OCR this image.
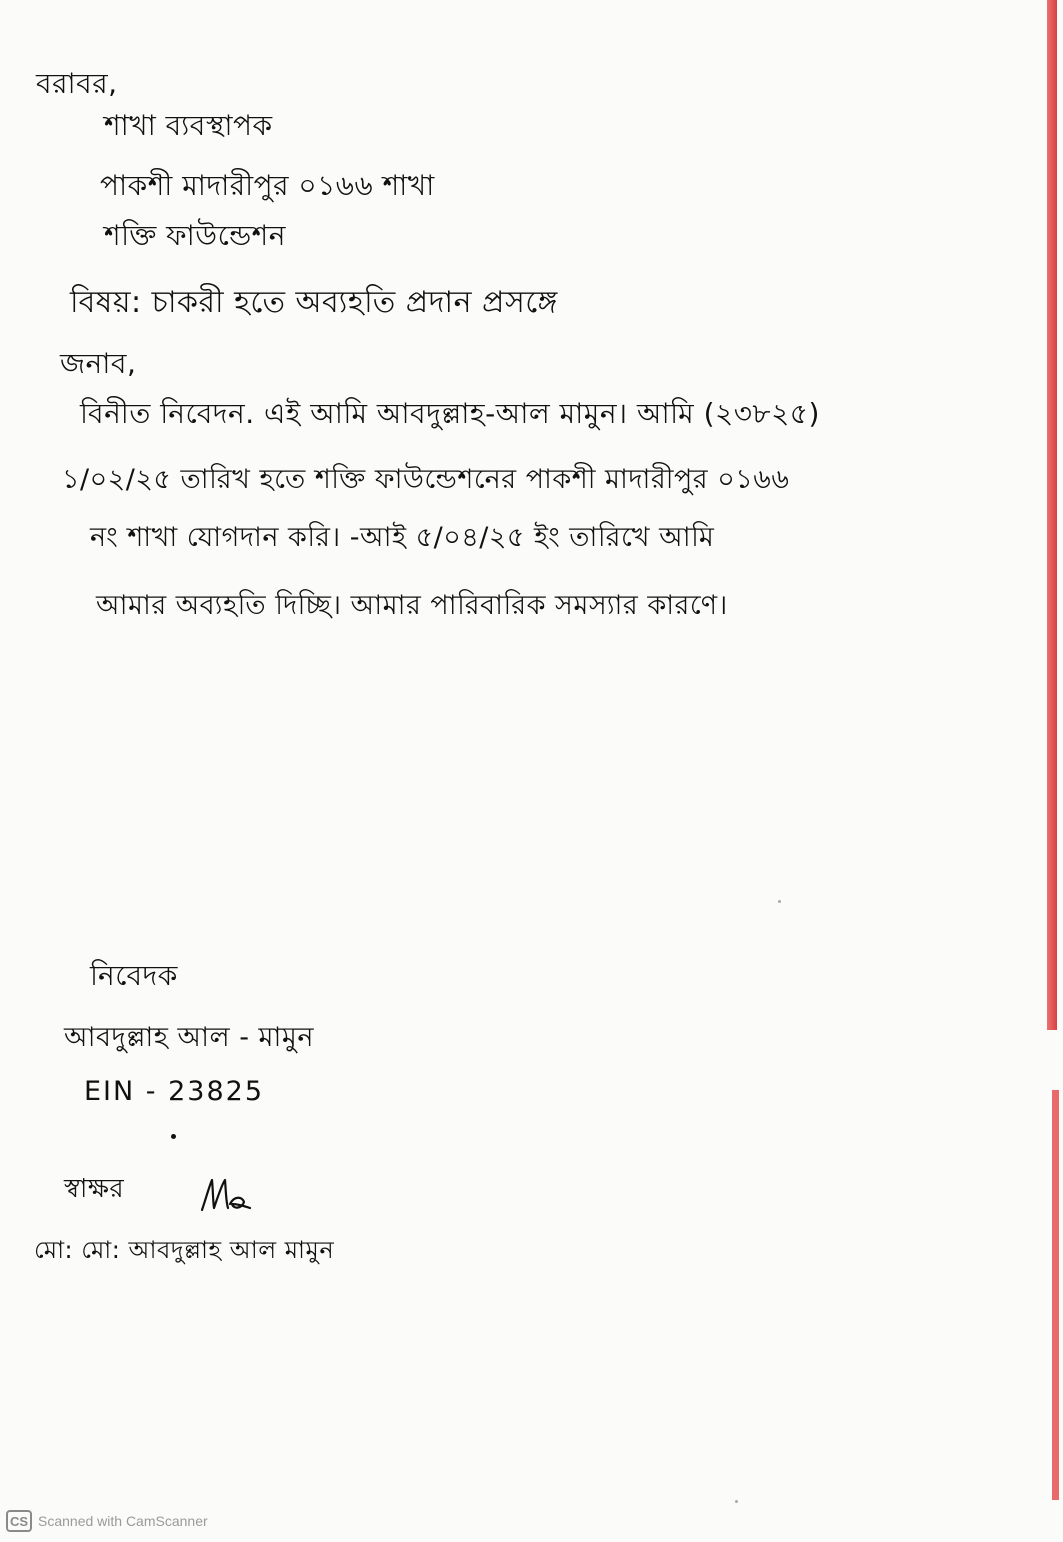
বরাবর,
শাখা ব্যবস্থাপক
পাকশী মাদারীপুর ০১৬৬ শাখা
শক্তি ফাউন্ডেশন
বিষয়: চাকরী হতে অব্যহতি প্রদান প্রসঙ্গে
জনাব,
বিনীত নিবেদন. এই আমি আবদুল্লাহ-আল মামুন। আমি (২৩৮২৫)
১/০২/২৫ তারিখ হতে শক্তি ফাউন্ডেশনের পাকশী মাদারীপুর ০১৬৬
নং শাখা যোগদান করি। -আই ৫/০৪/২৫ ইং তারিখে আমি
আমার অব্যহতি দিচ্ছি। আমার পারিবারিক সমস্যার কারণে।
নিবেদক
আবদুল্লাহ আল - মামুন
EIN - 23825
স্বাক্ষর
মো: মো: আবদুল্লাহ আল মামুন
CS Scanned with CamScanner
